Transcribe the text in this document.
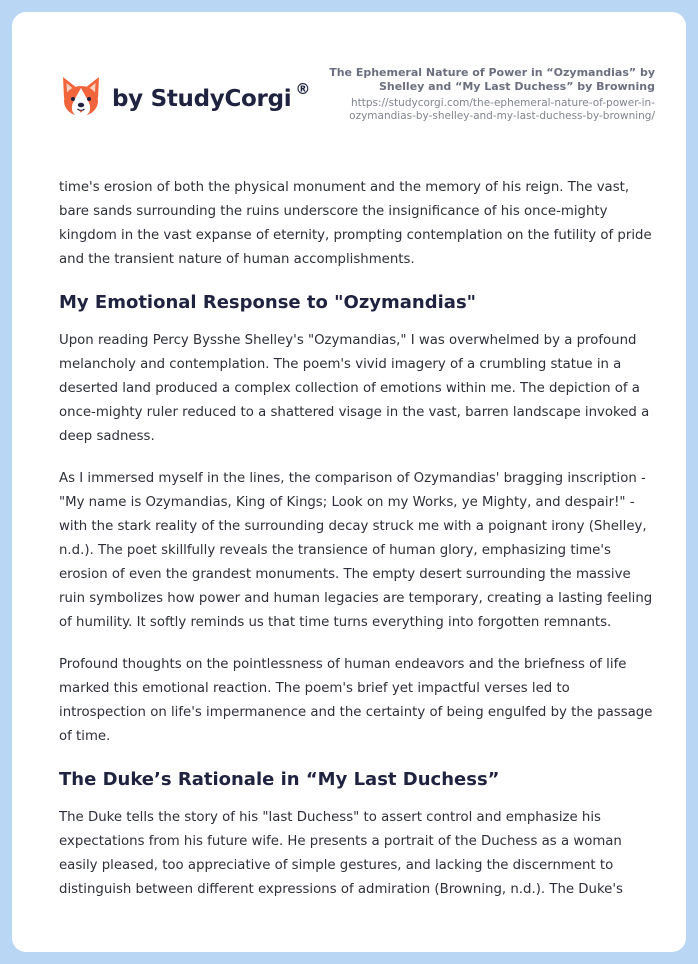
by StudyCorgi ®
The Ephemeral Nature of Power in “Ozymandias” by Shelley and “My Last Duchess” by Browning
https://studycorgi.com/the-ephemeral-nature-of-power-in-ozymandias-by-shelley-and-my-last-duchess-by-browning/

time's erosion of both the physical monument and the memory of his reign. The vast, bare sands surrounding the ruins underscore the insignificance of his once-mighty kingdom in the vast expanse of eternity, prompting contemplation on the futility of pride and the transient nature of human accomplishments.

My Emotional Response to "Ozymandias"

Upon reading Percy Bysshe Shelley's "Ozymandias," I was overwhelmed by a profound melancholy and contemplation. The poem's vivid imagery of a crumbling statue in a deserted land produced a complex collection of emotions within me. The depiction of a once-mighty ruler reduced to a shattered visage in the vast, barren landscape invoked a deep sadness.

As I immersed myself in the lines, the comparison of Ozymandias' bragging inscription - "My name is Ozymandias, King of Kings; Look on my Works, ye Mighty, and despair!" - with the stark reality of the surrounding decay struck me with a poignant irony (Shelley, n.d.). The poet skillfully reveals the transience of human glory, emphasizing time's erosion of even the grandest monuments. The empty desert surrounding the massive ruin symbolizes how power and human legacies are temporary, creating a lasting feeling of humility. It softly reminds us that time turns everything into forgotten remnants.

Profound thoughts on the pointlessness of human endeavors and the briefness of life marked this emotional reaction. The poem's brief yet impactful verses led to introspection on life's impermanence and the certainty of being engulfed by the passage of time.

The Duke’s Rationale in “My Last Duchess”

The Duke tells the story of his "last Duchess" to assert control and emphasize his expectations from his future wife. He presents a portrait of the Duchess as a woman easily pleased, too appreciative of simple gestures, and lacking the discernment to distinguish between different expressions of admiration (Browning, n.d.). The Duke's
